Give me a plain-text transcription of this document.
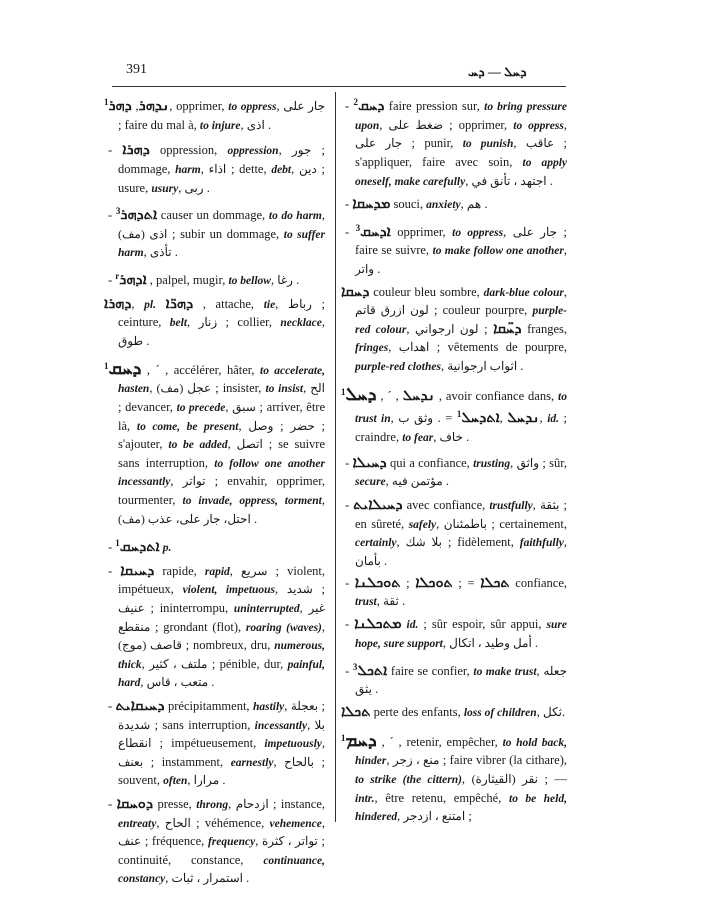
391	ܕܚܠ — ܕܚ

$^1$ܕܗܪ ,ܢܕܗܪ, opprimer, to oppress, جار على ; faire du mal à, to injure, اذى .

- ܕܗܪܐ oppression, oppression, جور ; dommage, harm, اذاء ; dette, debt, دين ; usure, usury, ربى .

- $^3$ܐܬܕܗܪ causer un dommage, to do harm, اذى (مف) ; subir un dommage, to suffer harm, تأذى .

- $^r$ܐܕܗܪ , palpel, mugir, to bellow, رغا .

ܕܗܪܐ, pl. ܕܗܪ̈ܐ , attache, tie, رباط ; ceinture, belt, زنار ; collier, necklace, طوق .

$^1$ܕܚܩ , ´ , accélérer, hâter, to accelerate, hasten, عجل (مف) ; insister, to insist, الح ; devancer, to precede, سبق ; arriver, être là, to come, be present, وصل ; حضر ; s'ajouter, to be added, اتصل ; se suivre sans interruption, to follow one another incessantly, تواتر ; envahir, opprimer, tourmenter, to invade, oppress, torment, احتل، جار على، عذب (مف) .

- $^1$ܐܬܕܚܩ p.

- ܕܚܝܩܐ rapide, rapid, سريع ; violent, impétueux, violent, impetuous, شديد ; عنيف ; ininterrompu, uninterrupted, غير منقطع ; grondant (flot), roaring (waves), قاصف (موج) ; nombreux, dru, numerous, thick, ملتف ، كثير ; pénible, dur, painful, hard, متعب ، قاس .

- ܕܚܝܩܐܝܬ précipitamment, hastily, بعجلة ; شديدة ; sans interruption, incessantly, بلا انقطاع ; impétueusement, impetuously, بعنف ; instamment, earnestly, بالحاح ; souvent, often, مرارا .

- ܕܘܚܩܐ presse, throng, ازدحام ; instance, entreaty, الحاح ; véhémence, vehemence, عنف ; fréquence, frequency, تواتر ، كثرة ; continuité, constance, continuance, constancy, استمرار ، ثبات .

- $^2$ܕܚܩ faire pression sur, to bring pressure upon, ضغط على ; opprimer, to oppress, جار على ; punir, to punish, عاقب ; s'appliquer, faire avec soin, to apply oneself, make carefully, اجتهد ، تأنق في .

- ܡܕܚܩܐ souci, anxiety, هم .

- $^3$ܐܕܚܩ opprimer, to oppress, جار على ; faire se suivre, to make follow one another, واتر .

ܕܚܩܐ couleur bleu sombre, dark-blue colour, لون ازرق قاتم ; couleur pourpre, purple-red colour, لون ارجواني ; ܕܚ̈ܩܐ franges, fringes, اهداب ; vêtements de pourpre, purple-red clothes, اثواب ارجوانية .

$^1$ܕܚܠ , ´ , ܢܕܚܠ , avoir confiance dans, to trust in, وثق ب . = $^1$ܐܬܕܚܠ, ܢܕܚܠ, id. ; craindre, to fear, خاف .

- ܕܚܝܠܐ qui a confiance, trusting, واثق ; sûr, secure, مؤتمن فيه .

- ܕܚܝܠܐܝܬ avec confiance, trustfully, بثقة ; en sûreté, safely, باطمئنان ; certainement, certainly, بلا شك ; fidèlement, faithfully, بأمان .

- ܬܘܟܠܢܐ ; ܬܘܟܠܐ ; = ܬܟܠܐ confiance, trust, ثقة .

- ܡܬܟܠܢܐ id. ; sûr espoir, sûr appui, sure hope, sure support, أمل وطيد ، اتكال .

- $^3$ܐܬܟܠ faire se confier, to make trust, جعله يثق .

ܬܟܠܐ perte des enfants, loss of children, ثكل.

$^1$ܕܚܡ , ´ , retenir, empêcher, to hold back, hinder, منع ، زجر ; faire vibrer (la cithare), to strike (the cittern), نقر (القيثارة) ; — intr., être retenu, empêché, to be held, hindered, امتنع ، ازدجر ;
